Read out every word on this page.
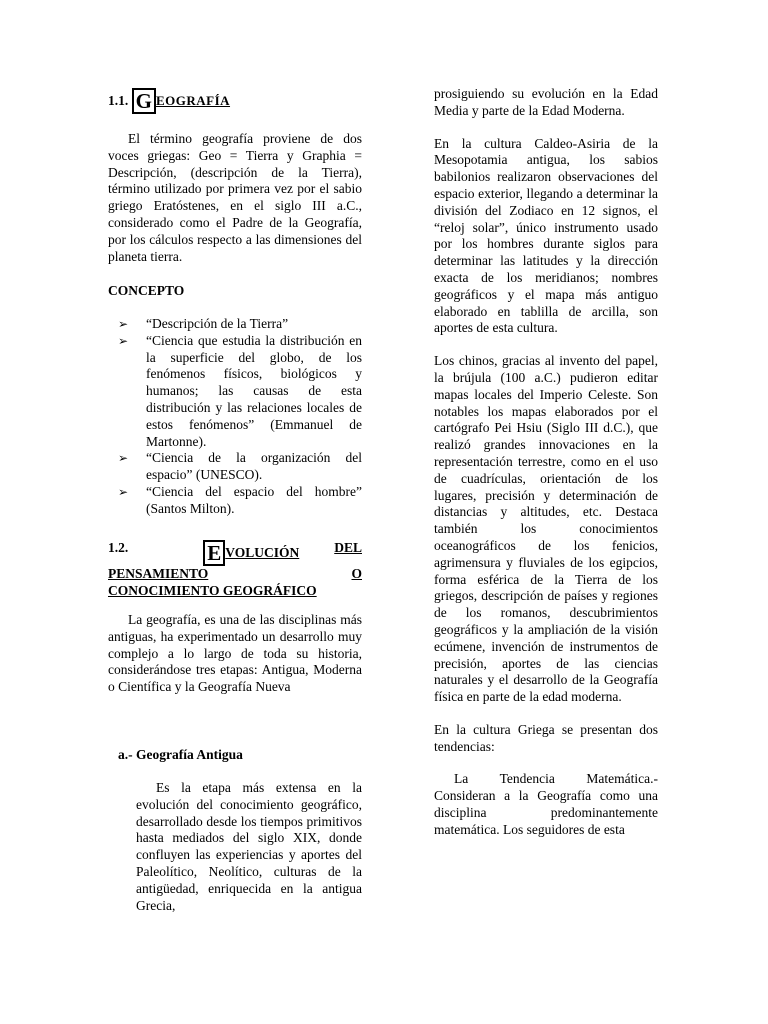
1.1. G EOGRAFÍA

El término geografía proviene de dos voces griegas: Geo = Tierra y Graphia = Descripción, (descripción de la Tierra), término utilizado por primera vez por el sabio griego Eratóstenes, en el siglo III a.C., considerado como el Padre de la Geografía, por los cálculos respecto a las dimensiones del planeta tierra.

CONCEPTO
➢ “Descripción de la Tierra”
➢ “Ciencia que estudia la distribución en la superficie del globo, de los fenómenos físicos, biológicos y humanos; las causas de esta distribución y las relaciones locales de estos fenómenos” (Emmanuel de Martonne).
➢ “Ciencia de la organización del espacio” (UNESCO).
➢ “Ciencia del espacio del hombre” (Santos Milton).
1.2.	E VOLUCIÓN	DEL
PENSAMIENTO	O
CONOCIMIENTO GEOGRÁFICO

La geografía, es una de las disciplinas más antiguas, ha experimentado un desarrollo muy complejo a lo largo de toda su historia, considerándose tres etapas: Antigua, Moderna o Científica y la Geografía Nueva

a.- Geografía Antigua

Es la etapa más extensa en la evolución del conocimiento geográfico, desarrollado desde los tiempos primitivos hasta mediados del siglo XIX, donde confluyen las experiencias y aportes del Paleolítico, Neolítico, culturas de la antigüedad, enriquecida en la antigua Grecia,

prosiguiendo su evolución en la Edad Media y parte de la Edad Moderna.

En la cultura Caldeo-Asiria de la Mesopotamia antigua, los sabios babilonios realizaron observaciones del espacio exterior, llegando a determinar la división del Zodiaco en 12 signos, el “reloj solar”, único instrumento usado por los hombres durante siglos para determinar las latitudes y la dirección exacta de los meridianos; nombres geográficos y el mapa más antiguo elaborado en tablilla de arcilla, son aportes de esta cultura.

Los chinos, gracias al invento del papel, la brújula (100 a.C.) pudieron editar mapas locales del Imperio Celeste. Son notables los mapas elaborados por el cartógrafo Pei Hsiu (Siglo III d.C.), que realizó grandes innovaciones en la representación terrestre, como en el uso de cuadrículas, orientación de los lugares, precisión y determinación de distancias y altitudes, etc. Destaca también los conocimientos oceanográficos de los fenicios, agrimensura y fluviales de los egipcios, forma esférica de la Tierra de los griegos, descripción de países y regiones de los romanos, descubrimientos geográficos y la ampliación de la visión ecúmene, invención de instrumentos de precisión, aportes de las ciencias naturales y el desarrollo de la Geografía física en parte de la edad moderna.

En la cultura Griega se presentan dos tendencias:

La Tendencia Matemática.- Consideran a la Geografía como una disciplina predominantemente matemática. Los seguidores de esta
